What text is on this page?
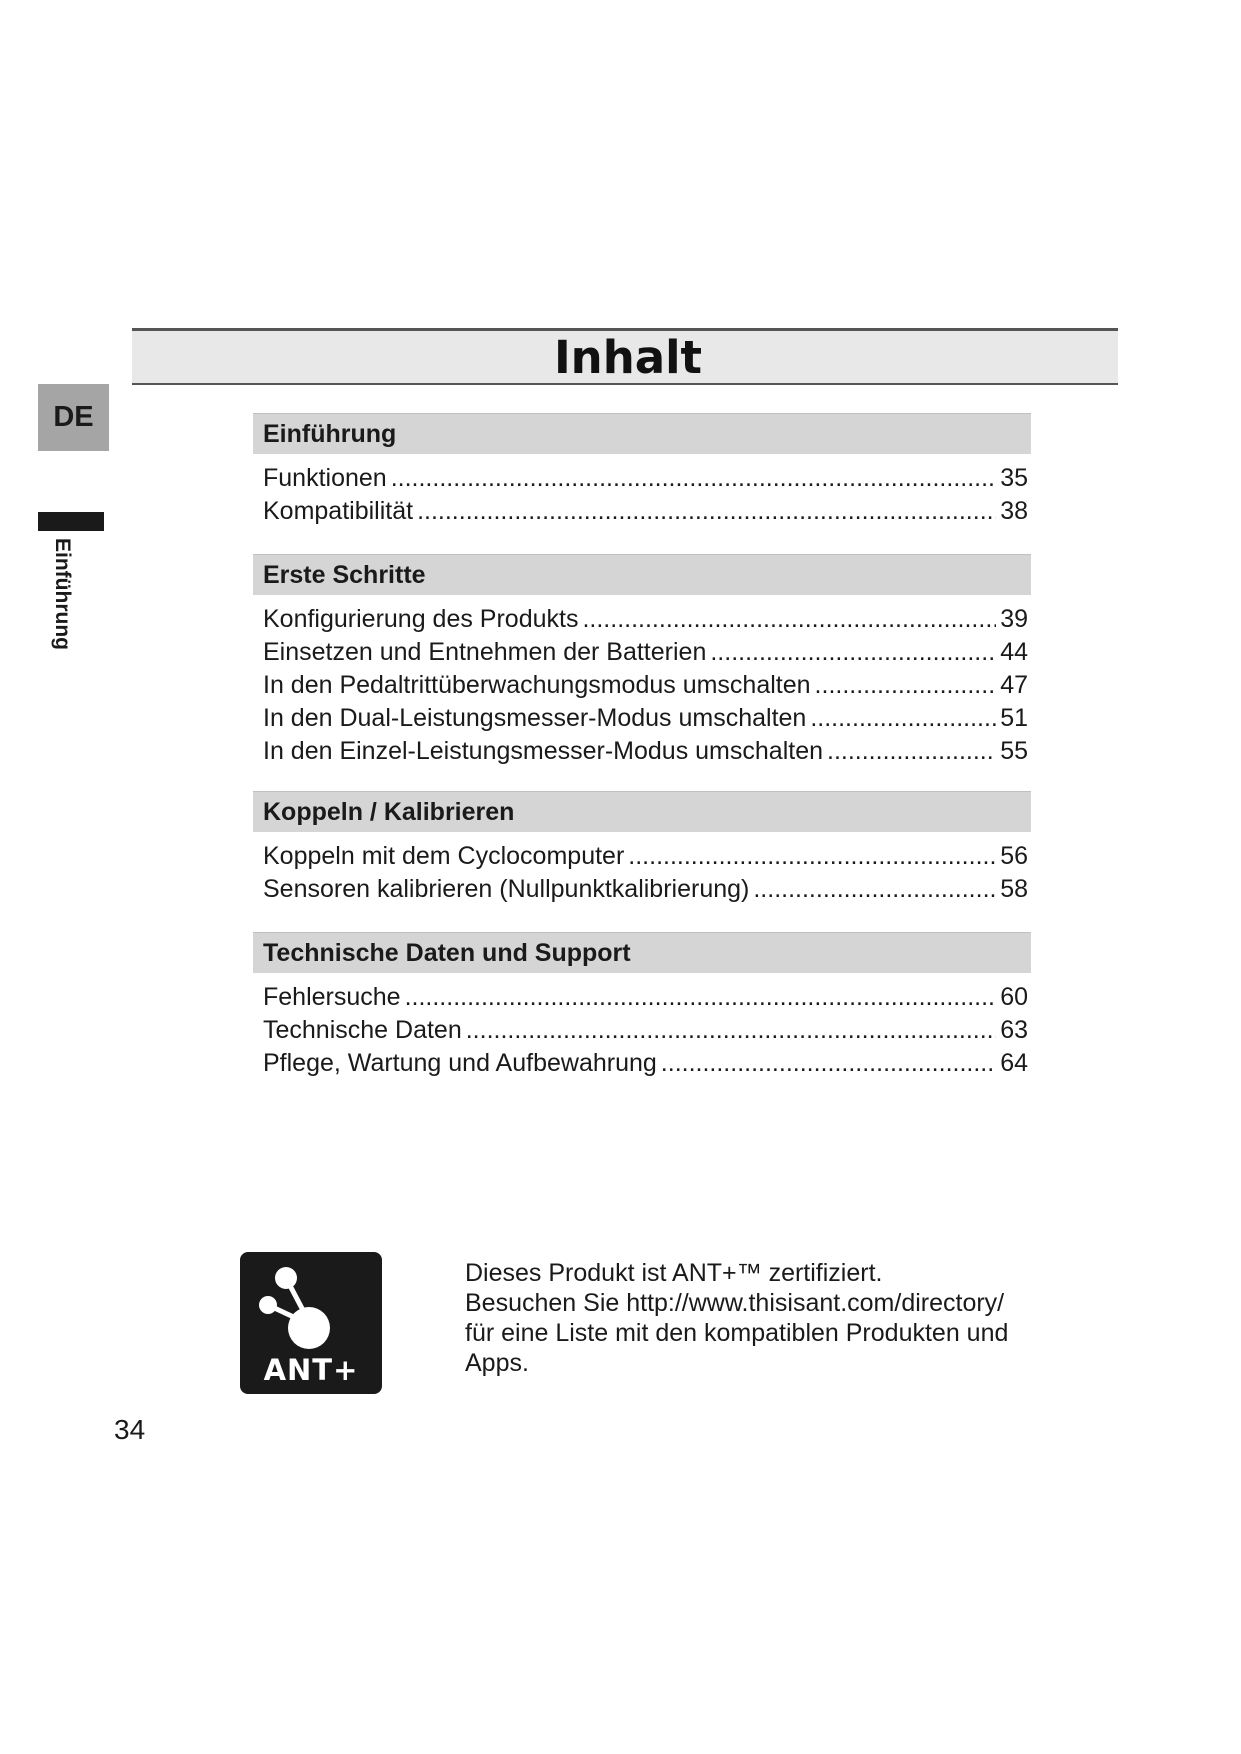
Inhalt
DE
Einführung
Einführung
Funktionen .....	35
Kompatibilität .....	38
Erste Schritte
Konfigurierung des Produkts .....	39
Einsetzen und Entnehmen der Batterien .....	44
In den Pedaltrittüberwachungsmodus umschalten .....	47
In den Dual-Leistungsmesser-Modus umschalten .....	51
In den Einzel-Leistungsmesser-Modus umschalten .....	55
Koppeln / Kalibrieren
Koppeln mit dem Cyclocomputer .....	56
Sensoren kalibrieren (Nullpunktkalibrierung) .....	58
Technische Daten und Support
Fehlersuche .....	60
Technische Daten .....	63
Pflege, Wartung und Aufbewahrung .....	64
ANT+

Dieses Produkt ist ANT+™ zertifiziert.

Besuchen Sie http://www.thisisant.com/directory/

für eine Liste mit den kompatiblen Produkten und

Apps.

34
